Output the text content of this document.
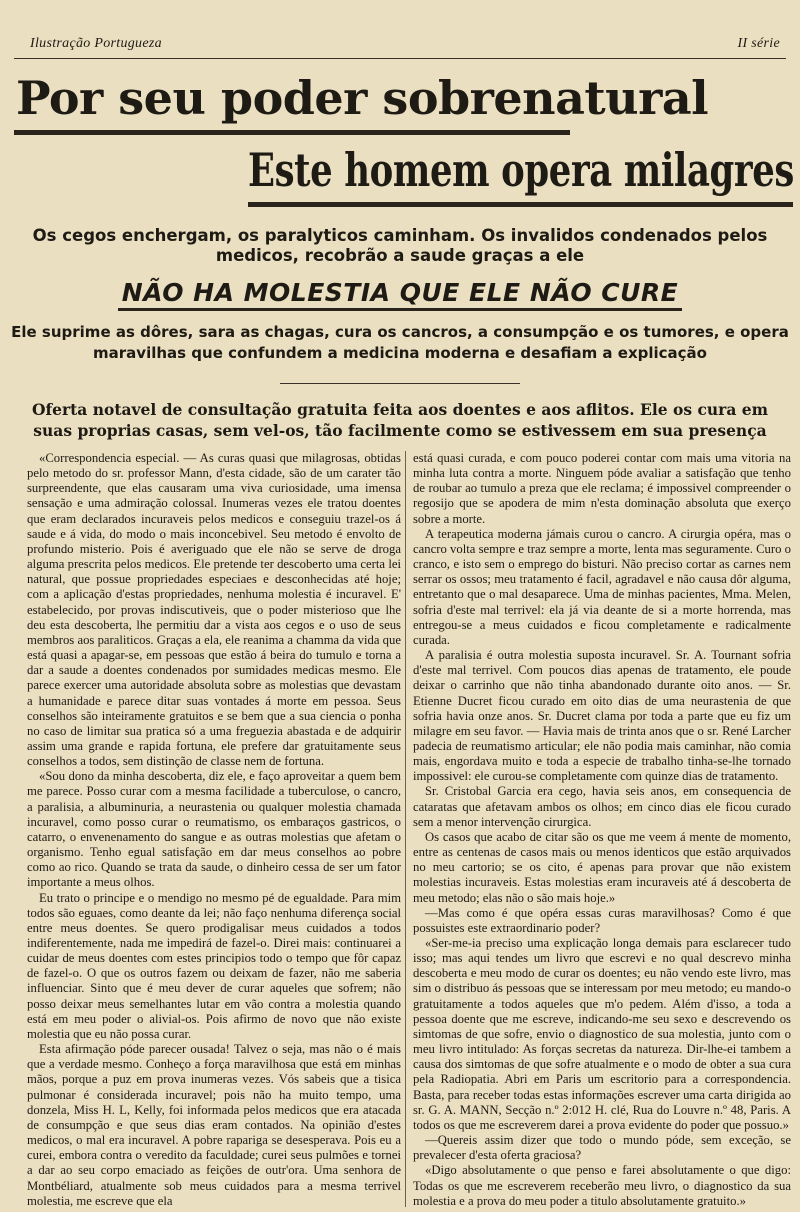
Ilustração Portugueza	II série
Por seu poder sobrenatural
Este homem opera milagres
Os cegos enchergam, os paralyticos caminham. Os invalidos condenados pelos medicos, recobrão a saude graças a ele
NÃO HA MOLESTIA QUE ELE NÃO CURE
Ele suprime as dôres, sara as chagas, cura os cancros, a consumpção e os tumores, e opera maravilhas que confundem a medicina moderna e desafiam a explicação
Oferta notavel de consultação gratuita feita aos doentes e aos aflitos. Ele os cura em suas proprias casas, sem vel-os, tão facilmente como se estivessem em sua presença

«Correspondencia especial. — As curas quasi que milagrosas, obtidas pelo metodo do sr. professor Mann, d'esta cidade, são de um carater tão surpreendente, que elas causaram uma viva curiosidade, uma imensa sensação e uma admiração colossal. Inumeras vezes ele tratou doentes que eram declarados incuraveis pelos medicos e conseguiu trazel-os á saude e á vida, do modo o mais inconcebivel. Seu metodo é envolto de profundo misterio. Pois é averiguado que ele não se serve de droga alguma prescrita pelos medicos. Ele pretende ter descoberto uma certa lei natural, que possue propriedades especiaes e desconhecidas até hoje; com a aplicação d'estas propriedades, nenhuma molestia é incuravel. E' estabelecido, por provas indiscutiveis, que o poder misterioso que lhe deu esta descoberta, lhe permitiu dar a vista aos cegos e o uso de seus membros aos paraliticos. Graças a ela, ele reanima a chamma da vida que está quasi a apagar-se, em pessoas que estão á beira do tumulo e torna a dar a saude a doentes condenados por sumidades medicas mesmo. Ele parece exercer uma autoridade absoluta sobre as molestias que devastam a humanidade e parece ditar suas vontades á morte em pessoa. Seus conselhos são inteiramente gratuitos e se bem que a sua ciencia o ponha no caso de limitar sua pratica só a uma freguezia abastada e de adquirir assim uma grande e rapida fortuna, ele prefere dar gratuitamente seus conselhos a todos, sem distinção de classe nem de fortuna.

«Sou dono da minha descoberta, diz ele, e faço aproveitar a quem bem me parece. Posso curar com a mesma facilidade a tuberculose, o cancro, a paralisia, a albuminuria, a neurastenia ou qualquer molestia chamada incuravel, como posso curar o reumatismo, os embaraços gastricos, o catarro, o envenenamento do sangue e as outras molestias que afetam o organismo. Tenho egual satisfação em dar meus conselhos ao pobre como ao rico. Quando se trata da saude, o dinheiro cessa de ser um fator importante a meus olhos.

Eu trato o principe e o mendigo no mesmo pé de egualdade. Para mim todos são eguaes, como deante da lei; não faço nenhuma diferença social entre meus doentes. Se quero prodigalisar meus cuidados a todos indiferentemente, nada me impedirá de fazel-o. Direi mais: continuarei a cuidar de meus doentes com estes principios todo o tempo que fôr capaz de fazel-o. O que os outros fazem ou deixam de fazer, não me saberia influenciar. Sinto que é meu dever de curar aqueles que sofrem; não posso deixar meus semelhantes lutar em vão contra a molestia quando está em meu poder o alivial-os. Pois afirmo de novo que não existe molestia que eu não possa curar.

Esta afirmação póde parecer ousada! Talvez o seja, mas não o é mais que a verdade mesmo. Conheço a força maravilhosa que está em minhas mãos, porque a puz em prova inumeras vezes. Vós sabeis que a tisica pulmonar é considerada incuravel; pois não ha muito tempo, uma donzela, Miss H. L, Kelly, foi informada pelos medicos que era atacada de consumpção e que seus dias eram contados. Na opinião d'estes medicos, o mal era incuravel. A pobre rapariga se desesperava. Pois eu a curei, embora contra o veredito da faculdade; curei seus pulmões e tornei a dar ao seu corpo emaciado as feições de outr'ora. Uma senhora de Montbéliard, atualmente sob meus cuidados para a mesma terrivel molestia, me escreve que ela

está quasi curada, e com pouco poderei contar com mais uma vitoria na minha luta contra a morte. Ninguem póde avaliar a satisfação que tenho de roubar ao tumulo a preza que ele reclama; é impossivel compreender o regosijo que se apodera de mim n'esta dominação absoluta que exerço sobre a morte.

A terapeutica moderna jámais curou o cancro. A cirurgia opéra, mas o cancro volta sempre e traz sempre a morte, lenta mas seguramente. Curo o cranco, e isto sem o emprego do bisturi. Não preciso cortar as carnes nem serrar os ossos; meu tratamento é facil, agradavel e não causa dôr alguma, entretanto que o mal desaparece. Uma de minhas pacientes, Mma. Melen, sofria d'este mal terrivel: ela já via deante de si a morte horrenda, mas entregou-se a meus cuidados e ficou completamente e radicalmente curada.

A paralisia é outra molestia suposta incuravel. Sr. A. Tournant sofria d'este mal terrivel. Com poucos dias apenas de tratamento, ele poude deixar o carrinho que não tinha abandonado durante oito anos. — Sr. Etienne Ducret ficou curado em oito dias de uma neurastenia de que sofria havia onze anos. Sr. Ducret clama por toda a parte que eu fiz um milagre em seu favor. — Havia mais de trinta anos que o sr. René Larcher padecia de reumatismo articular; ele não podia mais caminhar, não comia mais, engordava muito e toda a especie de trabalho tinha-se-lhe tornado impossivel: ele curou-se completamente com quinze dias de tratamento.

Sr. Cristobal Garcia era cego, havia seis anos, em consequencia de cataratas que afetavam ambos os olhos; em cinco dias ele ficou curado sem a menor intervenção cirurgica.

Os casos que acabo de citar são os que me veem á mente de momento, entre as centenas de casos mais ou menos identicos que estão arquivados no meu cartorio; se os cito, é apenas para provar que não existem molestias incuraveis. Estas molestias eram incuraveis até á descoberta de meu metodo; elas não o são mais hoje.»

—Mas como é que opéra essas curas maravilhosas? Como é que possuistes este extraordinario poder?

«Ser-me-ia preciso uma explicação longa demais para esclarecer tudo isso; mas aqui tendes um livro que escrevi e no qual descrevo minha descoberta e meu modo de curar os doentes; eu não vendo este livro, mas sim o distribuo ás pessoas que se interessam por meu metodo; eu mando-o gratuitamente a todos aqueles que m'o pedem. Além d'isso, a toda a pessoa doente que me escreve, indicando-me seu sexo e descrevendo os simtomas de que sofre, envio o diagnostico de sua molestia, junto com o meu livro intitulado: As forças secretas da natureza. Dir-lhe-ei tambem a causa dos simtomas de que sofre atualmente e o modo de obter a sua cura pela Radiopatia. Abri em Paris um escritorio para a correspondencia. Basta, para receber todas estas informações escrever uma carta dirigida ao sr. G. A. MANN, Secção n.º 2:012 H. clé, Rua do Louvre n.º 48, Paris. A todos os que me escreverem darei a prova evidente do poder que possuo.»

—Quereis assim dizer que todo o mundo póde, sem exceção, se prevalecer d'esta oferta graciosa?

«Digo absolutamente o que penso e farei absolutamente o que digo: Todas os que me escreverem receberão meu livro, o diagnostico da sua molestia e a prova do meu poder a titulo absolutamente gratuito.»
